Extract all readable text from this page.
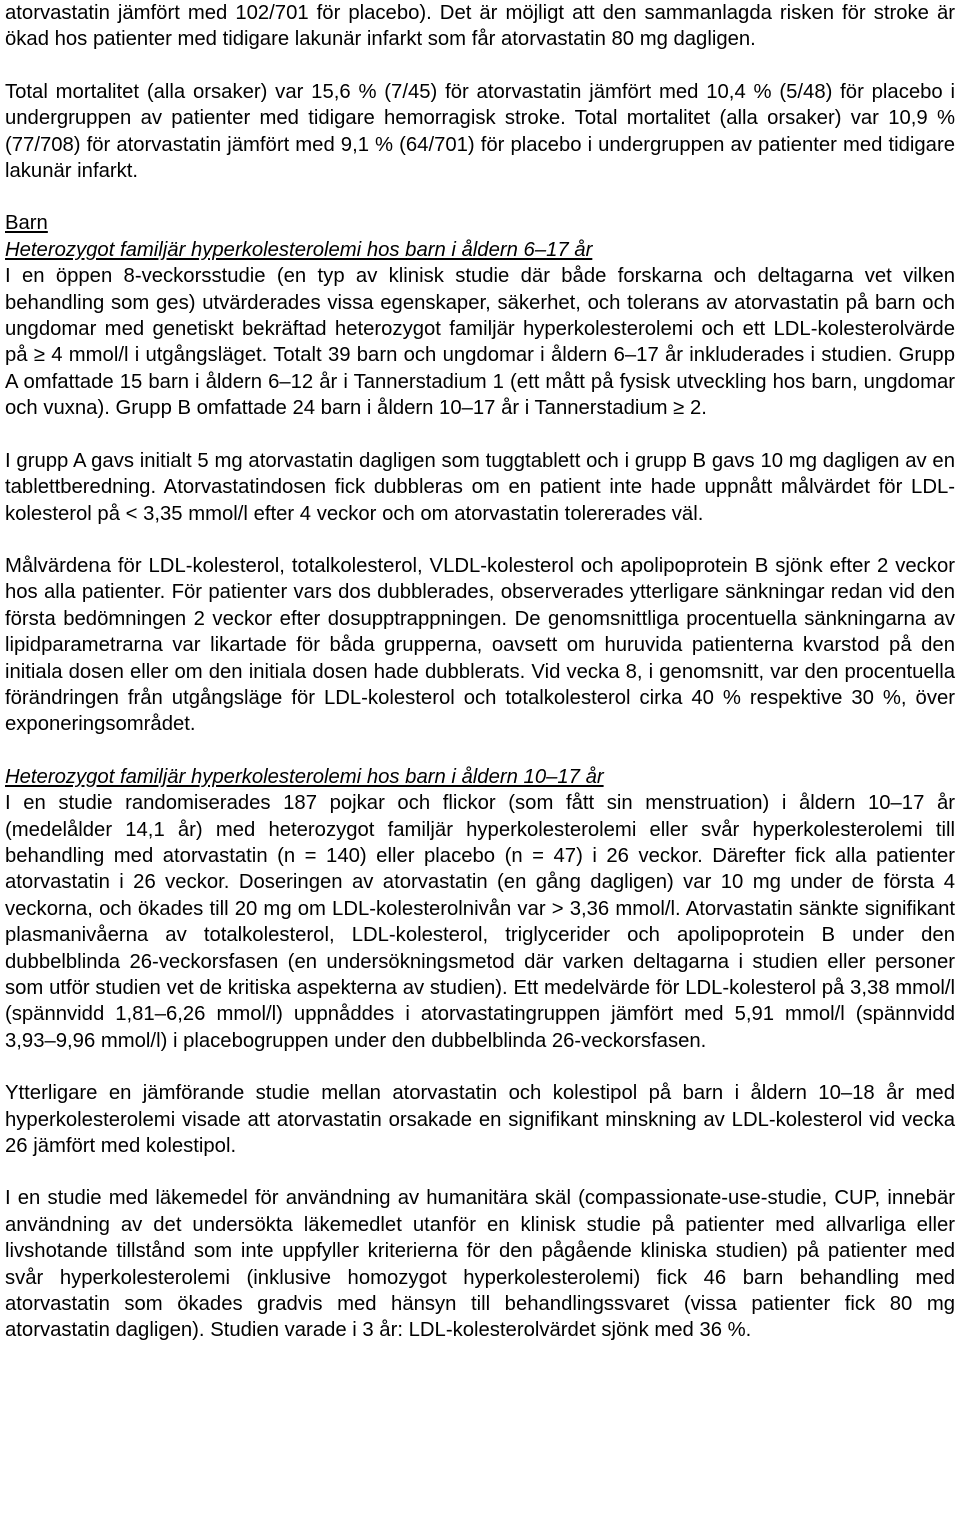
atorvastatin jämfört med 102/701 för placebo). Det är möjligt att den sammanlagda risken för stroke är ökad hos patienter med tidigare lakunär infarkt som får atorvastatin 80 mg dagligen.

Total mortalitet (alla orsaker) var 15,6 % (7/45) för atorvastatin jämfört med 10,4 % (5/48) för placebo i undergruppen av patienter med tidigare hemorragisk stroke. Total mortalitet (alla orsaker) var 10,9 % (77/708) för atorvastatin jämfört med 9,1 % (64/701) för placebo i undergruppen av patienter med tidigare lakunär infarkt.

Barn

Heterozygot familjär hyperkolesterolemi hos barn i åldern 6–17 år

I en öppen 8-veckorsstudie (en typ av klinisk studie där både forskarna och deltagarna vet vilken behandling som ges) utvärderades vissa egenskaper, säkerhet, och tolerans av atorvastatin på barn och ungdomar med genetiskt bekräftad heterozygot familjär hyperkolesterolemi och ett LDL-kolesterolvärde på ≥ 4 mmol/l i utgångsläget. Totalt 39 barn och ungdomar i åldern 6–17 år inkluderades i studien. Grupp A omfattade 15 barn i åldern 6–12 år i Tannerstadium 1 (ett mått på fysisk utveckling hos barn, ungdomar och vuxna). Grupp B omfattade 24 barn i åldern 10–17 år i Tannerstadium ≥ 2.

I grupp A gavs initialt 5 mg atorvastatin dagligen som tuggtablett och i grupp B gavs 10 mg dagligen av en tablettberedning. Atorvastatindosen fick dubbleras om en patient inte hade uppnått målvärdet för LDL-kolesterol på < 3,35 mmol/l efter 4 veckor och om atorvastatin tolererades väl.

Målvärdena för LDL-kolesterol, totalkolesterol, VLDL-kolesterol och apolipoprotein B sjönk efter 2 veckor hos alla patienter. För patienter vars dos dubblerades, observerades ytterligare sänkningar redan vid den första bedömningen 2 veckor efter dosupptrappningen. De genomsnittliga procentuella sänkningarna av lipidparametrarna var likartade för båda grupperna, oavsett om huruvida patienterna kvarstod på den initiala dosen eller om den initiala dosen hade dubblerats. Vid vecka 8, i genomsnitt, var den procentuella förändringen från utgångsläge för LDL-kolesterol och totalkolesterol cirka 40 % respektive 30 %, över exponeringsområdet.

Heterozygot familjär hyperkolesterolemi hos barn i åldern 10–17 år

I en studie randomiserades 187 pojkar och flickor (som fått sin menstruation) i åldern 10–17 år (medelålder 14,1 år) med heterozygot familjär hyperkolesterolemi eller svår hyperkolesterolemi till behandling med atorvastatin (n = 140) eller placebo (n = 47) i 26 veckor. Därefter fick alla patienter atorvastatin i 26 veckor. Doseringen av atorvastatin (en gång dagligen) var 10 mg under de första 4 veckorna, och ökades till 20 mg om LDL-kolesterolnivån var > 3,36 mmol/l. Atorvastatin sänkte signifikant plasmanivåerna av totalkolesterol, LDL-kolesterol, triglycerider och apolipoprotein B under den dubbelblinda 26-veckorsfasen (en undersökningsmetod där varken deltagarna i studien eller personer som utför studien vet de kritiska aspekterna av studien). Ett medelvärde för LDL-kolesterol på 3,38 mmol/l (spännvidd 1,81–6,26 mmol/l) uppnåddes i atorvastatingruppen jämfört med 5,91 mmol/l (spännvidd 3,93–9,96 mmol/l) i placebogruppen under den dubbelblinda 26-veckorsfasen.

Ytterligare en jämförande studie mellan atorvastatin och kolestipol på barn i åldern 10–18 år med hyperkolesterolemi visade att atorvastatin orsakade en signifikant minskning av LDL-kolesterol vid vecka 26 jämfört med kolestipol.

I en studie med läkemedel för användning av humanitära skäl (compassionate-use-studie, CUP, innebär användning av det undersökta läkemedlet utanför en klinisk studie på patienter med allvarliga eller livshotande tillstånd som inte uppfyller kriterierna för den pågående kliniska studien) på patienter med svår hyperkolesterolemi (inklusive homozygot hyperkolesterolemi) fick 46 barn behandling med atorvastatin som ökades gradvis med hänsyn till behandlingssvaret (vissa patienter fick 80 mg atorvastatin dagligen). Studien varade i 3 år: LDL-kolesterolvärdet sjönk med 36 %.
